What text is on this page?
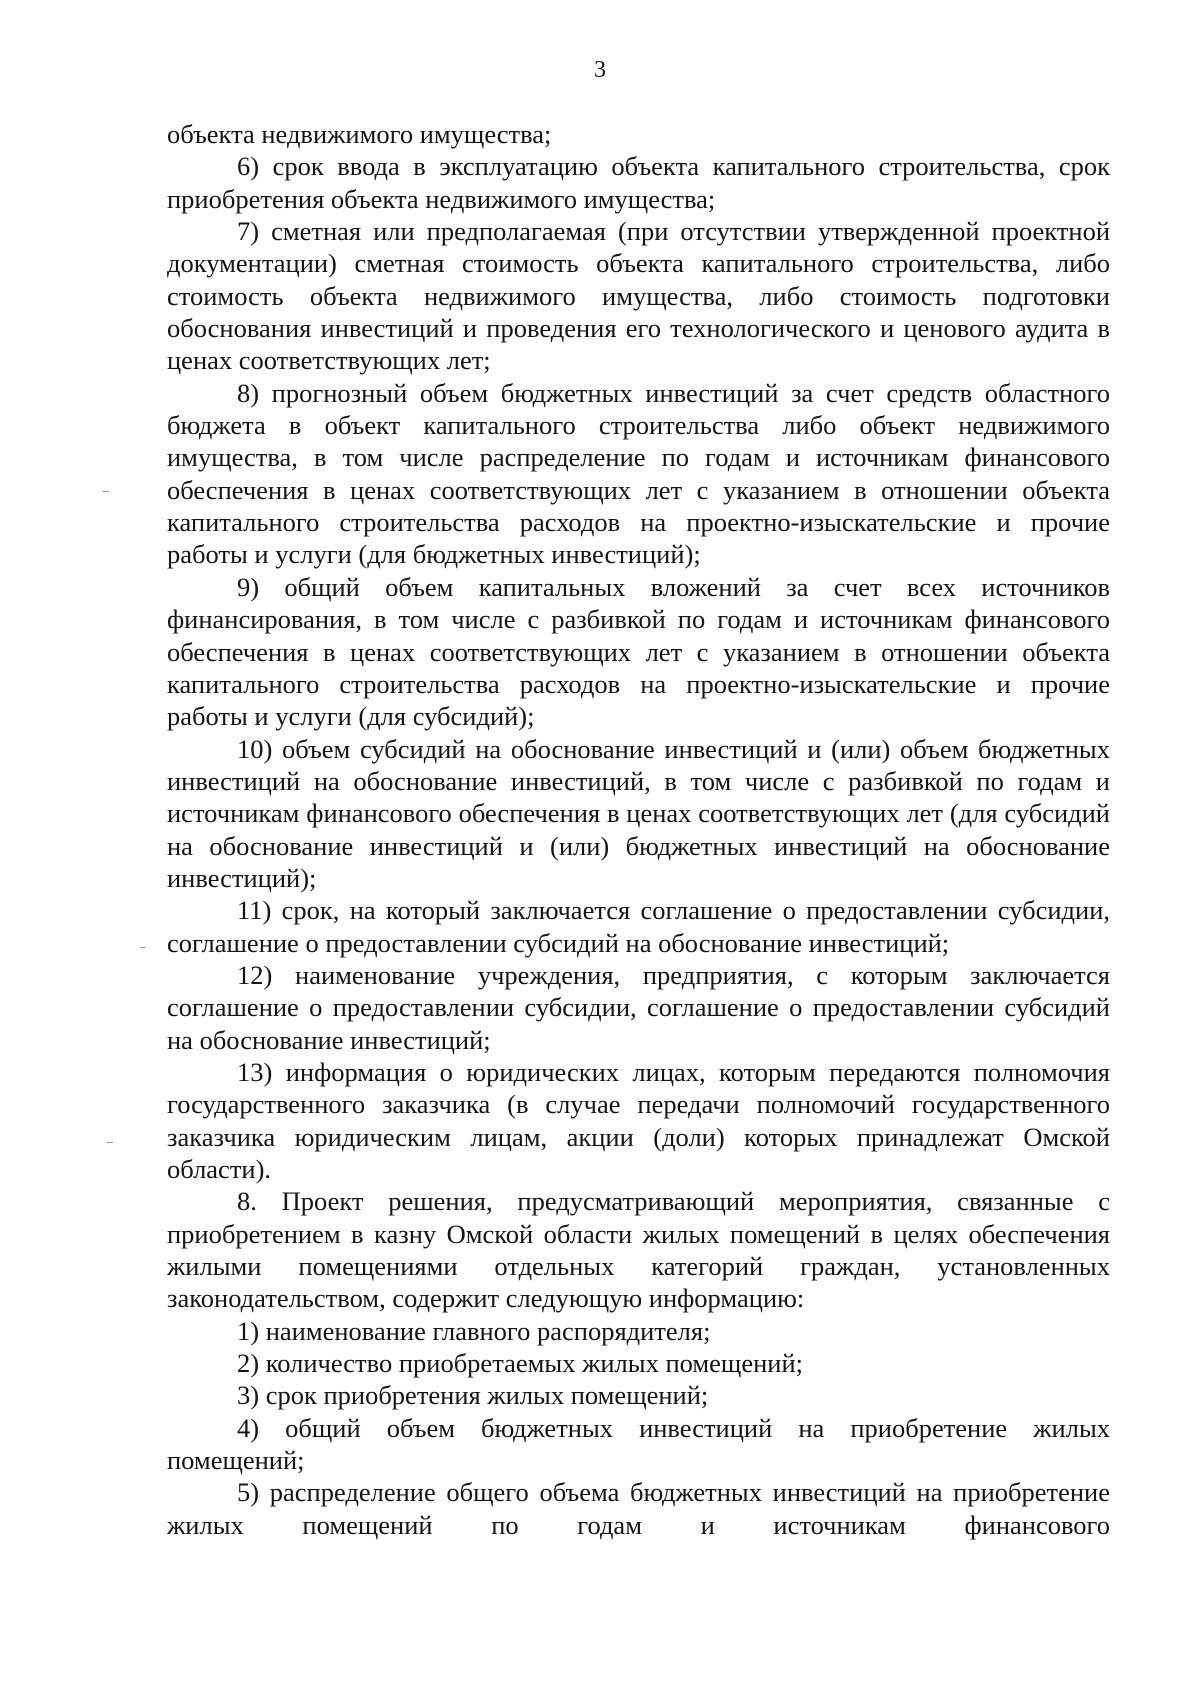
3

объекта недвижимого имущества;

6) срок ввода в эксплуатацию объекта капитального строительства, срок приобретения объекта недвижимого имущества;

7) сметная или предполагаемая (при отсутствии утвержденной проектной документации) сметная стоимость объекта капитального строительства, либо стоимость объекта недвижимого имущества, либо стоимость подготовки обоснования инвестиций и проведения его технологического и ценового аудита в ценах соответствующих лет;

8) прогнозный объем бюджетных инвестиций за счет средств областного бюджета в объект капитального строительства либо объект недвижимого имущества, в том числе распределение по годам и источникам финансового обеспечения в ценах соответствующих лет с указанием в отношении объекта капитального строительства расходов на проектно-изыскательские и прочие работы и услуги (для бюджетных инвестиций);

9) общий объем капитальных вложений за счет всех источников финансирования, в том числе с разбивкой по годам и источникам финансового обеспечения в ценах соответствующих лет с указанием в отношении объекта капитального строительства расходов на проектно-изыскательские и прочие работы и услуги (для субсидий);

10) объем субсидий на обоснование инвестиций и (или) объем бюджетных инвестиций на обоснование инвестиций, в том числе с разбивкой по годам и источникам финансового обеспечения в ценах соответствующих лет (для субсидий на обоснование инвестиций и (или) бюджетных инвестиций на обоснование инвестиций);

11) срок, на который заключается соглашение о предоставлении субсидии, соглашение о предоставлении субсидий на обоснование инвестиций;

12) наименование учреждения, предприятия, с которым заключается соглашение о предоставлении субсидии, соглашение о предоставлении субсидий на обоснование инвестиций;

13) информация о юридических лицах, которым передаются полномочия государственного заказчика (в случае передачи полномочий государственного заказчика юридическим лицам, акции (доли) которых принадлежат Омской области).

8. Проект решения, предусматривающий мероприятия, связанные с приобретением в казну Омской области жилых помещений в целях обеспечения жилыми помещениями отдельных категорий граждан, установленных законодательством, содержит следующую информацию:

1) наименование главного распорядителя;

2) количество приобретаемых жилых помещений;

3) срок приобретения жилых помещений;

4) общий объем бюджетных инвестиций на приобретение жилых помещений;

5) распределение общего объема бюджетных инвестиций на приобретение жилых помещений по годам и источникам финансового
